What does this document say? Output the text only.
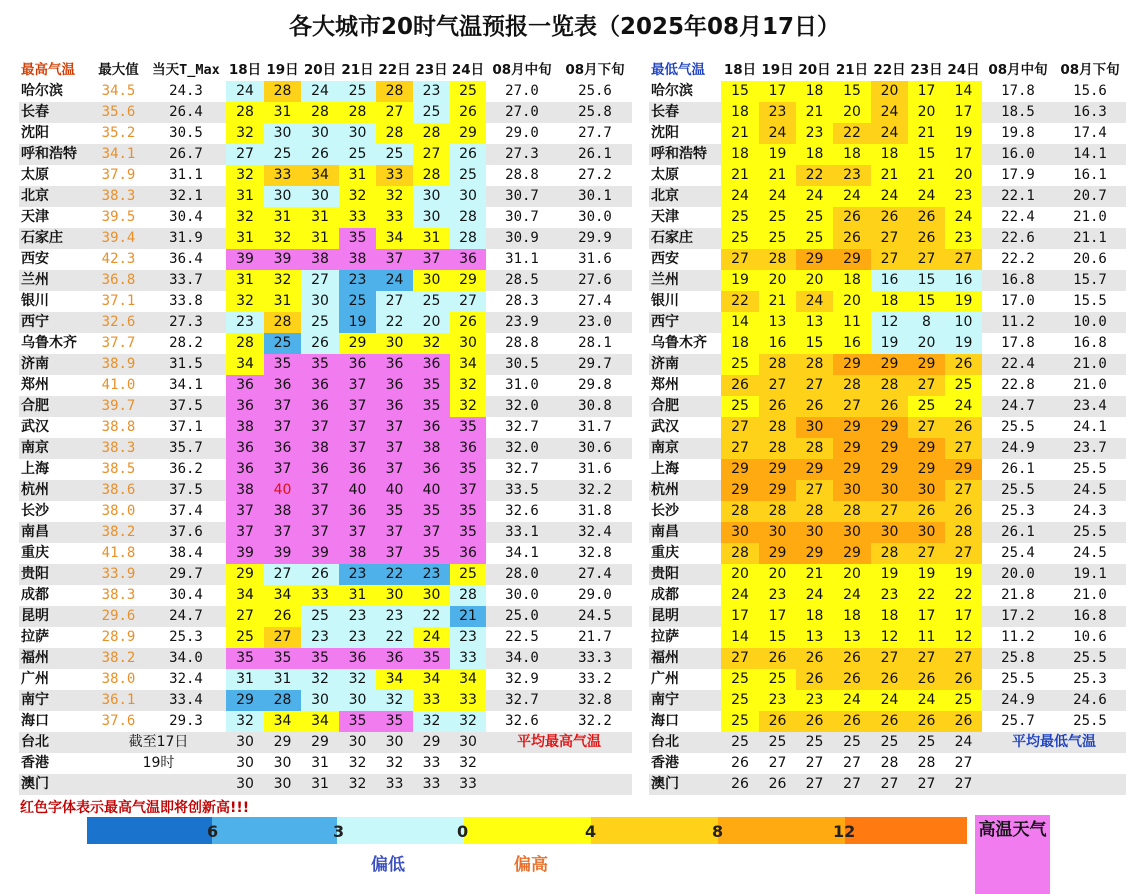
各大城市20时气温预报一览表（2025年08月17日）
最高气温	最大值 当天T_Max 18日 19日 20日 21日 22日 23日 24日 08月中旬	08月下旬
哈尔滨	34.5	24.3	24	28	24	25	28	23	25	27.0	25.6
长春	35.6	26.4	28	31	28	28	27	25	26	27.0	25.8
沈阳	35.2	30.5	32	30	30	30	28	28	29	29.0	27.7
呼和浩特	34.1	26.7	27	25	26	25	25	27	26	27.3	26.1
太原	37.9	31.1	32	33	34	31	33	28	25	28.8	27.2
北京	38.3	32.1	31	30	30	32	32	30	30	30.7	30.1
天津	39.5	30.4	32	31	31	33	33	30	28	30.7	30.0
石家庄	39.4	31.9	31	32	31	35	34	31	28	30.9	29.9
西安	42.3	36.4	39	39	38	38	37	37	36	31.1	31.6
兰州	36.8	33.7	31	32	27	23	24	30	29	28.5	27.6
银川	37.1	33.8	32	31	30	25	27	25	27	28.3	27.4
西宁	32.6	27.3	23	28	25	19	22	20	26	23.9	23.0
乌鲁木齐	37.7	28.2	28	25	26	29	30	32	30	28.8	28.1
济南	38.9	31.5	34	35	35	36	36	36	34	30.5	29.7
郑州	41.0	34.1	36	36	36	37	36	35	32	31.0	29.8
合肥	39.7	37.5	36	37	36	37	36	35	32	32.0	30.8
武汉	38.8	37.1	38	37	37	37	37	36	35	32.7	31.7
南京	38.3	35.7	36	36	38	37	37	38	36	32.0	30.6
上海	38.5	36.2	36	37	36	36	37	36	35	32.7	31.6
杭州	38.6	37.5	38	40	37	40	40	40	37	33.5	32.2
长沙	38.0	37.4	37	38	37	36	35	35	35	32.6	31.8
南昌	38.2	37.6	37	37	37	37	37	37	35	33.1	32.4
重庆	41.8	38.4	39	39	39	38	37	35	36	34.1	32.8
贵阳	33.9	29.7	29	27	26	23	22	23	25	28.0	27.4
成都	38.3	30.4	34	34	33	31	30	30	28	30.0	29.0
昆明	29.6	24.7	27	26	25	23	23	22	21	25.0	24.5
拉萨	28.9	25.3	25	27	23	23	22	24	23	22.5	21.7
福州	38.2	34.0	35	35	35	36	36	35	33	34.0	33.3
广州	38.0	32.4	31	31	32	32	34	34	34	32.9	33.2
南宁	36.1	33.4	29	28	30	30	32	33	33	32.7	32.8
海口	37.6	29.3	32	34	34	35	35	32	32	32.6	32.2
台北	截至17日	30	29	29	30	30	29	30	平均最高气温
香港	19时	30	30	31	32	32	33	32
澳门	30	30	31	32	33	33	33
最低气温	18日 19日 20日 21日 22日 23日 24日 08月中旬 08月下旬
哈尔滨	15	17	18	15	20	17	14	17.8	15.6
长春	18	23	21	20	24	20	17	18.5	16.3
沈阳	21	24	23	22	24	21	19	19.8	17.4
呼和浩特	18	19	18	18	18	15	17	16.0	14.1
太原	21	21	22	23	21	21	20	17.9	16.1
北京	24	24	24	24	24	24	23	22.1	20.7
天津	25	25	25	26	26	26	24	22.4	21.0
石家庄	25	25	25	26	27	26	23	22.6	21.1
西安	27	28	29	29	27	27	27	22.2	20.6
兰州	19	20	20	18	16	15	16	16.8	15.7
银川	22	21	24	20	18	15	19	17.0	15.5
西宁	14	13	13	11	12	8	10	11.2	10.0
乌鲁木齐	18	16	15	16	19	20	19	17.8	16.8
济南	25	28	28	29	29	29	26	22.4	21.0
郑州	26	27	27	28	28	27	25	22.8	21.0
合肥	25	26	26	27	26	25	24	24.7	23.4
武汉	27	28	30	29	29	27	26	25.5	24.1
南京	27	28	28	29	29	29	27	24.9	23.7
上海	29	29	29	29	29	29	29	26.1	25.5
杭州	29	29	27	30	30	30	27	25.5	24.5
长沙	28	28	28	28	27	26	26	25.3	24.3
南昌	30	30	30	30	30	30	28	26.1	25.5
重庆	28	29	29	29	28	27	27	25.4	24.5
贵阳	20	20	21	20	19	19	19	20.0	19.1
成都	24	23	24	24	23	22	22	21.8	21.0
昆明	17	17	18	18	18	17	17	17.2	16.8
拉萨	14	15	13	13	12	11	12	11.2	10.6
福州	27	26	26	26	27	27	27	25.8	25.5
广州	25	25	26	26	26	26	26	25.5	25.3
南宁	25	23	23	24	24	24	25	24.9	24.6
海口	25	26	26	26	26	26	26	25.7	25.5
台北	25	25	25	25	25	25	24	平均最低气温
香港	26	27	27	27	28	28	27
澳门	26	26	27	27	27	27	27
红色字体表示最高气温即将创新高!!!
6	3	0	4	8	12
偏低	偏高
高温天气
